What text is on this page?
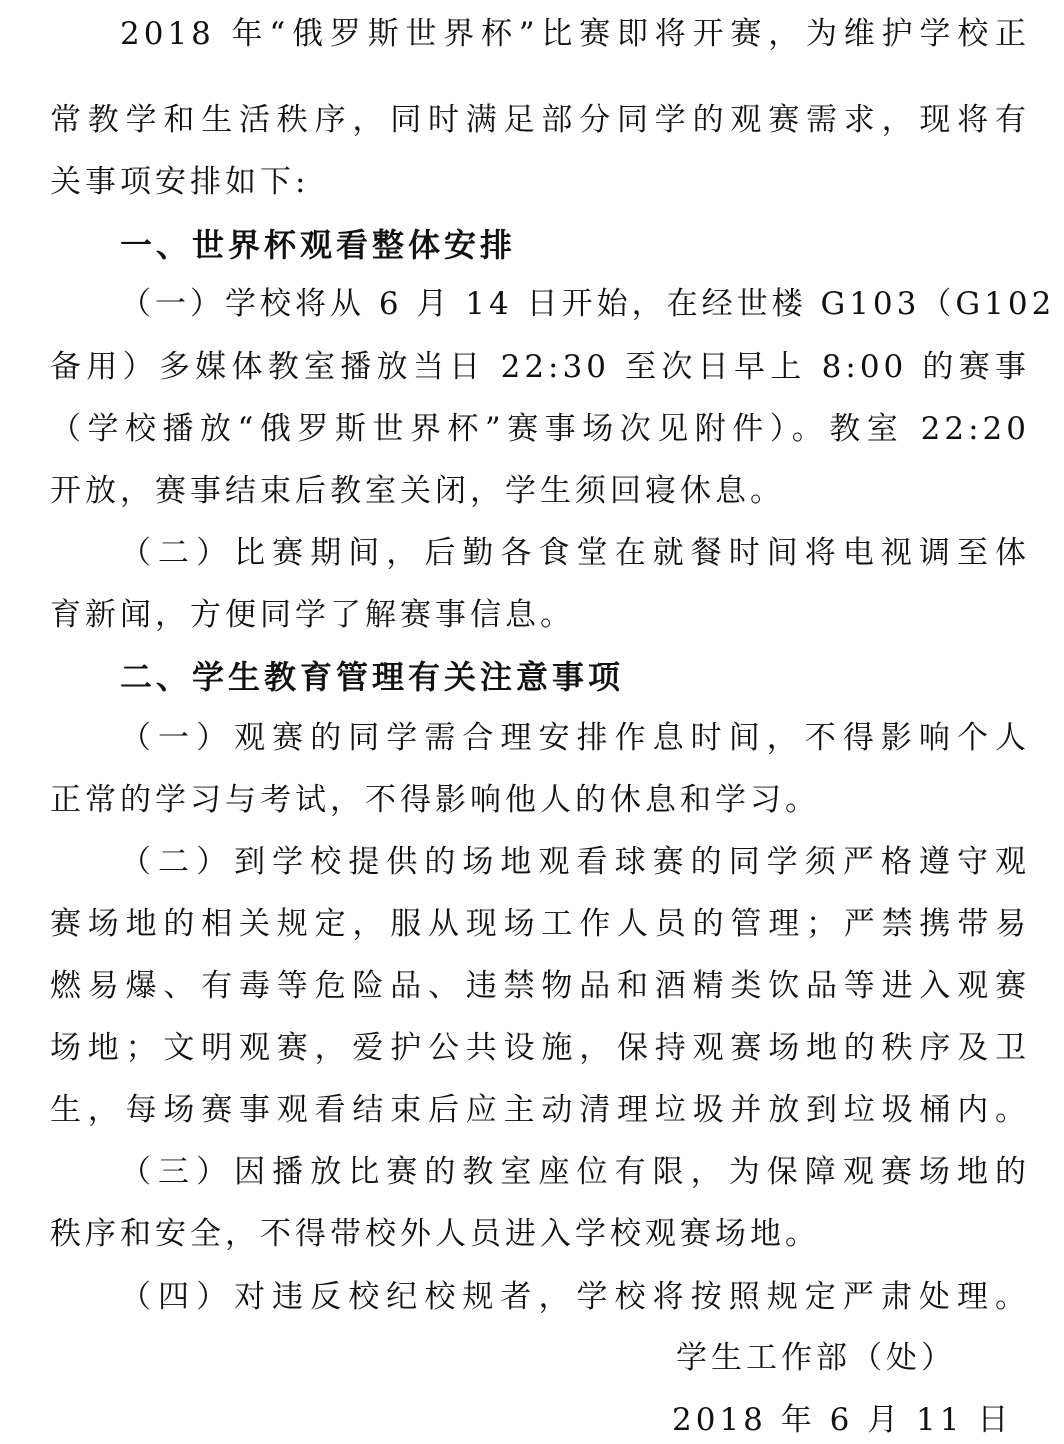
2018 年“俄罗斯世界杯”比赛即将开赛，为维护学校正
常教学和生活秩序，同时满足部分同学的观赛需求，现将有
关事项安排如下:
一、世界杯观看整体安排
（一）学校将从 6 月 14 日开始，在经世楼 G103（G102
备用）多媒体教室播放当日 22:30 至次日早上 8:00 的赛事
（学校播放“俄罗斯世界杯”赛事场次见附件）。教室 22:20
开放，赛事结束后教室关闭，学生须回寝休息。
（二）比赛期间，后勤各食堂在就餐时间将电视调至体
育新闻，方便同学了解赛事信息。
二、学生教育管理有关注意事项
（一）观赛的同学需合理安排作息时间，不得影响个人
正常的学习与考试，不得影响他人的休息和学习。
（二）到学校提供的场地观看球赛的同学须严格遵守观
赛场地的相关规定，服从现场工作人员的管理；严禁携带易
燃易爆、有毒等危险品、违禁物品和酒精类饮品等进入观赛
场地；文明观赛，爱护公共设施，保持观赛场地的秩序及卫
生，每场赛事观看结束后应主动清理垃圾并放到垃圾桶内。
（三）因播放比赛的教室座位有限，为保障观赛场地的
秩序和安全，不得带校外人员进入学校观赛场地。
（四）对违反校纪校规者，学校将按照规定严肃处理。
学生工作部（处）
2018 年 6 月 11 日
